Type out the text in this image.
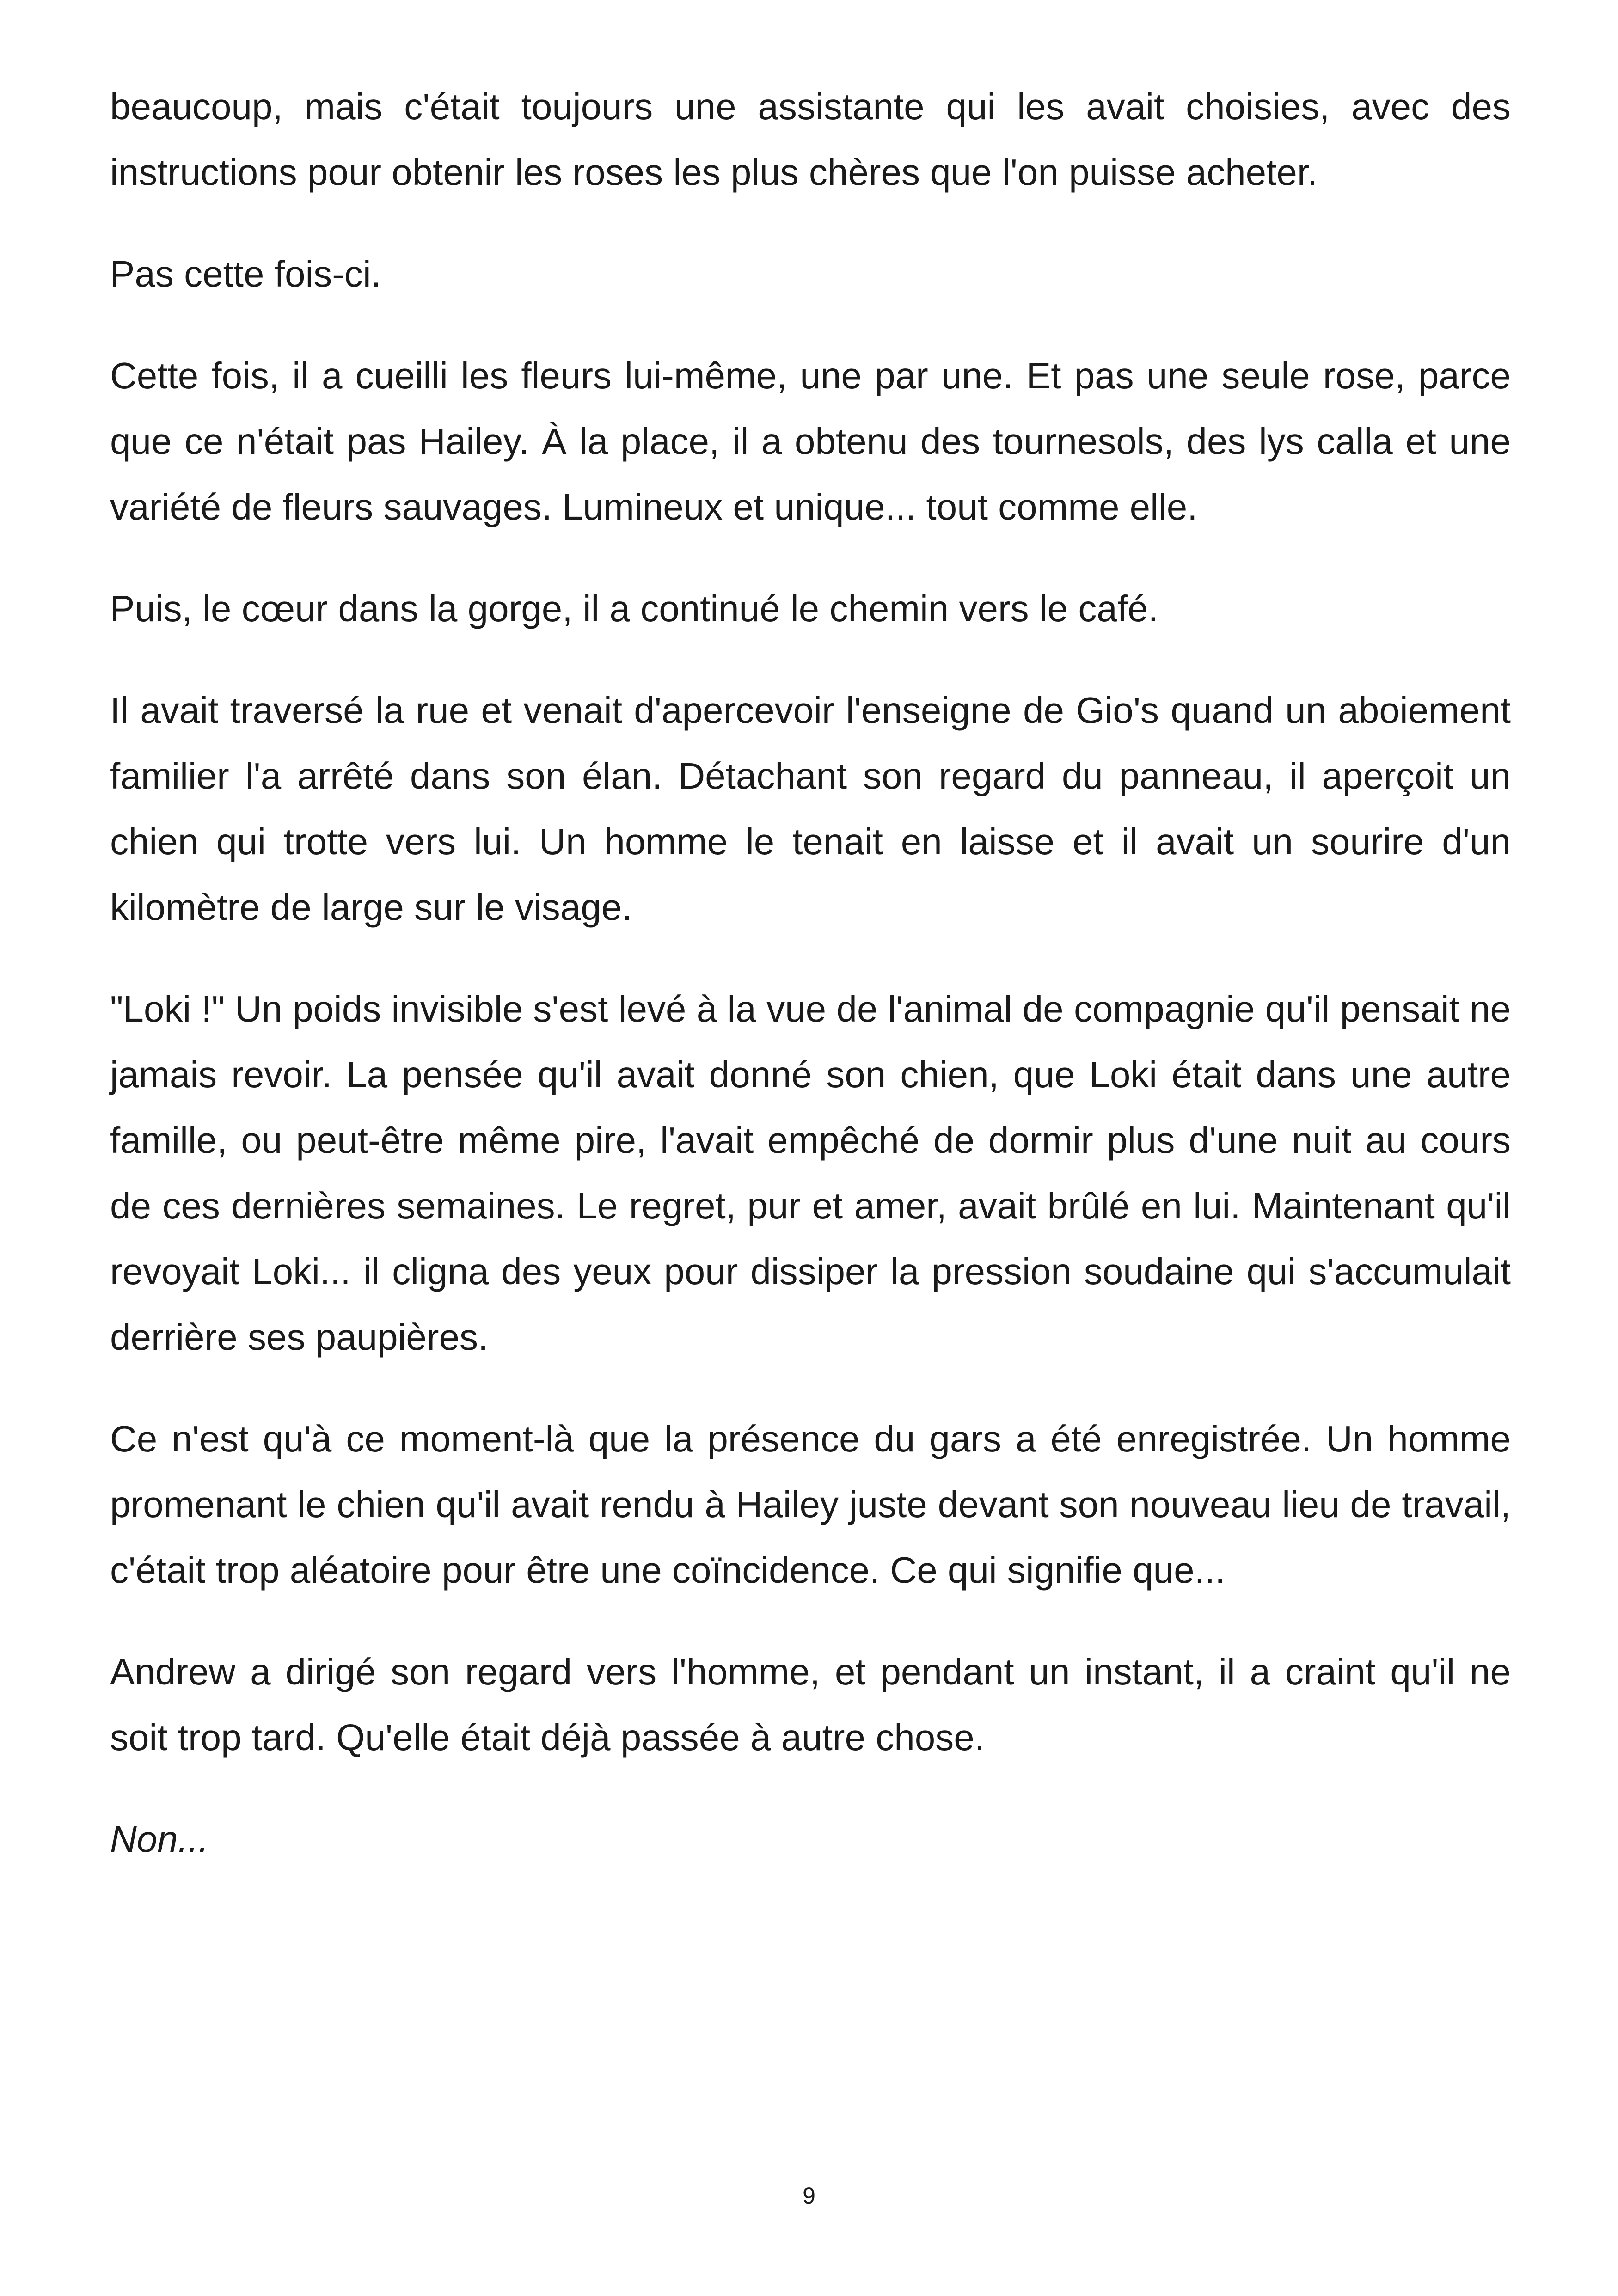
beaucoup, mais c'était toujours une assistante qui les avait choisies, avec des instructions pour obtenir les roses les plus chères que l'on puisse acheter.

Pas cette fois-ci.

Cette fois, il a cueilli les fleurs lui-même, une par une. Et pas une seule rose, parce que ce n'était pas Hailey. À la place, il a obtenu des tournesols, des lys calla et une variété de fleurs sauvages. Lumineux et unique... tout comme elle.

Puis, le cœur dans la gorge, il a continué le chemin vers le café.

Il avait traversé la rue et venait d'apercevoir l'enseigne de Gio's quand un aboiement familier l'a arrêté dans son élan. Détachant son regard du panneau, il aperçoit un chien qui trotte vers lui. Un homme le tenait en laisse et il avait un sourire d'un kilomètre de large sur le visage.

"Loki !" Un poids invisible s'est levé à la vue de l'animal de compagnie qu'il pensait ne jamais revoir. La pensée qu'il avait donné son chien, que Loki était dans une autre famille, ou peut-être même pire, l'avait empêché de dormir plus d'une nuit au cours de ces dernières semaines. Le regret, pur et amer, avait brûlé en lui. Maintenant qu'il revoyait Loki... il cligna des yeux pour dissiper la pression soudaine qui s'accumulait derrière ses paupières.

Ce n'est qu'à ce moment-là que la présence du gars a été enregistrée. Un homme promenant le chien qu'il avait rendu à Hailey juste devant son nouveau lieu de travail, c'était trop aléatoire pour être une coïncidence. Ce qui signifie que...

Andrew a dirigé son regard vers l'homme, et pendant un instant, il a craint qu'il ne soit trop tard. Qu'elle était déjà passée à autre chose.

Non...

9
